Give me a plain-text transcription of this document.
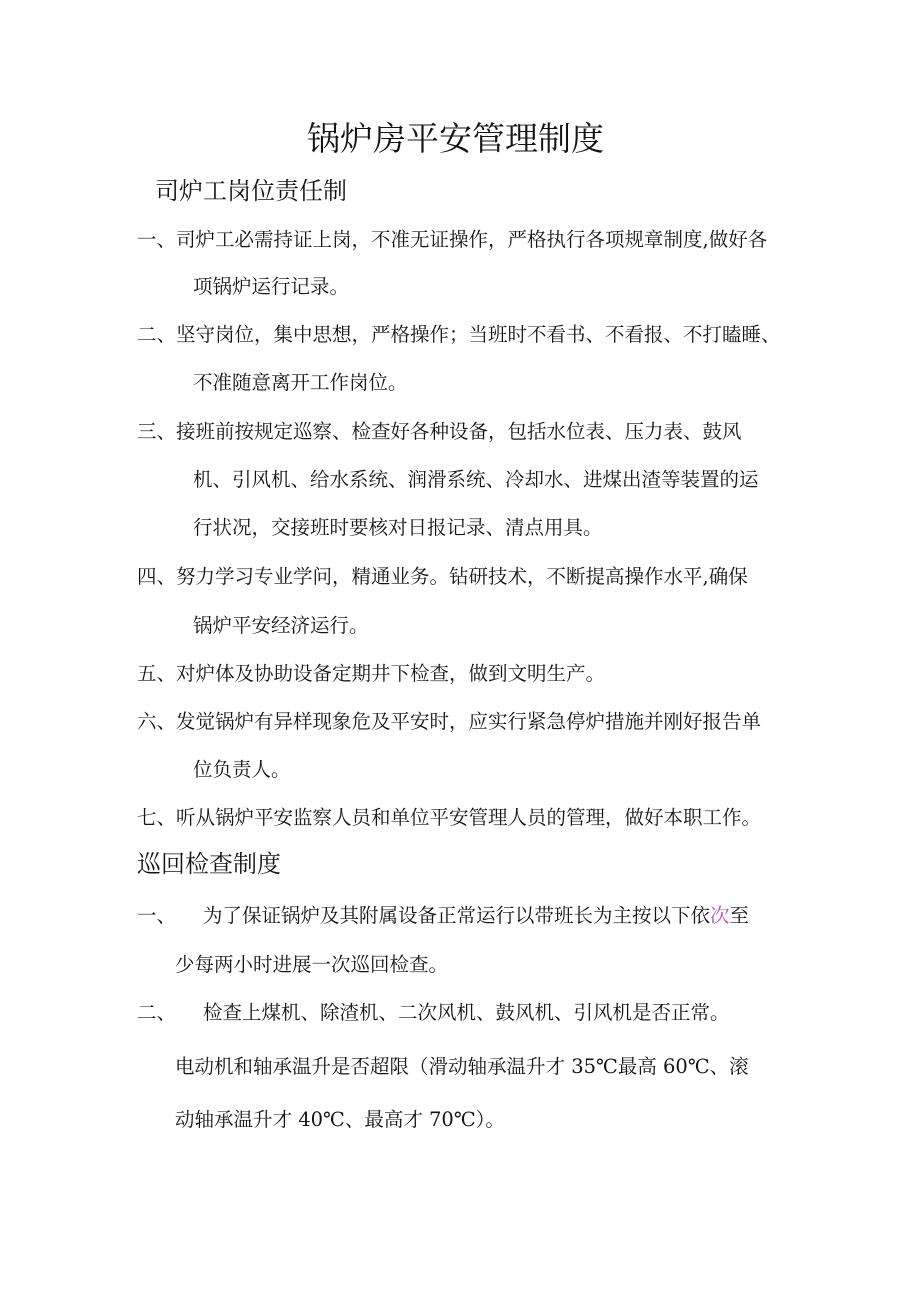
锅炉房平安管理制度
司炉工岗位责任制
一、司炉工必需持证上岗，不准无证操作，严格执行各项规章制度,做好各
项锅炉运行记录。
二、坚守岗位，集中思想，严格操作；当班时不看书、不看报、不打瞌睡、
不准随意离开工作岗位。
三、接班前按规定巡察、检查好各种设备，包括水位表、压力表、鼓风
机、引风机、给水系统、润滑系统、冷却水、进煤出渣等装置的运
行状况，交接班时要核对日报记录、清点用具。
四、努力学习专业学问，精通业务。钻研技术，不断提高操作水平,确保
锅炉平安经济运行。
五、对炉体及协助设备定期井下检查，做到文明生产。
六、发觉锅炉有异样现象危及平安时，应实行紧急停炉措施并刚好报告单
位负责人。
七、听从锅炉平安监察人员和单位平安管理人员的管理，做好本职工作。
巡回检查制度
一、 为了保证锅炉及其附属设备正常运行以带班长为主按以下依次至
少每两小时进展一次巡回检查。
二、 检查上煤机、除渣机、二次风机、鼓风机、引风机是否正常。
电动机和轴承温升是否超限（滑动轴承温升才 35℃最高 60℃、滚
动轴承温升才 40℃、最高才 70℃）。
